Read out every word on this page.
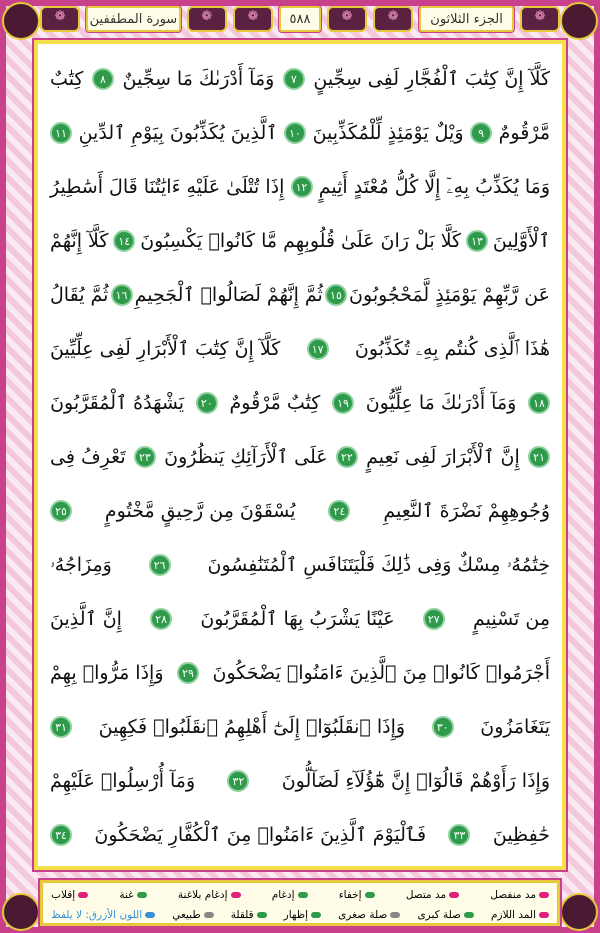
❁
الجزء الثلاثون
❁
❁
٥٨٨
❁
❁
سورة المطففين
❁
كَلَّآ إِنَّ كِتَٰبَ ٱلْفُجَّارِ لَفِى سِجِّينٍ
٧
وَمَآ أَدْرَىٰكَ مَا سِجِّينٌ
٨
كِتَٰبٌ
مَّرْقُومٌ
٩
وَيْلٌ يَوْمَئِذٍ لِّلْمُكَذِّبِينَ
١٠
ٱلَّذِينَ يُكَذِّبُونَ بِيَوْمِ ٱلدِّينِ
١١
وَمَا يُكَذِّبُ بِهِۦٓ إِلَّا كُلُّ مُعْتَدٍ أَثِيمٍ
١٢
إِذَا تُتْلَىٰ عَلَيْهِ ءَايَٰتُنَا قَالَ أَسَٰطِيرُ
ٱلْأَوَّلِينَ
١٣
كَلَّا بَلْ رَانَ عَلَىٰ قُلُوبِهِم مَّا كَانُوا۟ يَكْسِبُونَ
١٤
كَلَّآ إِنَّهُمْ
عَن رَّبِّهِمْ يَوْمَئِذٍ لَّمَحْجُوبُونَ
١٥
ثُمَّ إِنَّهُمْ لَصَالُوا۟ ٱلْجَحِيمِ
١٦
ثُمَّ يُقَالُ
هَٰذَا ٱلَّذِى كُنتُم بِهِۦ تُكَذِّبُونَ
١٧
كَلَّآ إِنَّ كِتَٰبَ ٱلْأَبْرَارِ لَفِى عِلِّيِّينَ
١٨
وَمَآ أَدْرَىٰكَ مَا عِلِّيُّونَ
١٩
كِتَٰبٌ مَّرْقُومٌ
٢٠
يَشْهَدُهُ ٱلْمُقَرَّبُونَ
٢١
إِنَّ ٱلْأَبْرَارَ لَفِى نَعِيمٍ
٢٢
عَلَى ٱلْأَرَآئِكِ يَنظُرُونَ
٢٣
تَعْرِفُ فِى
وُجُوهِهِمْ نَضْرَةَ ٱلنَّعِيمِ
٢٤
يُسْقَوْنَ مِن رَّحِيقٍ مَّخْتُومٍ
٢٥
خِتَٰمُهُۥ مِسْكٌ وَفِى ذَٰلِكَ فَلْيَتَنَافَسِ ٱلْمُتَنَٰفِسُونَ
٢٦
وَمِزَاجُهُۥ
مِن تَسْنِيمٍ
٢٧
عَيْنًا يَشْرَبُ بِهَا ٱلْمُقَرَّبُونَ
٢٨
إِنَّ ٱلَّذِينَ
أَجْرَمُوا۟ كَانُوا۟ مِنَ ٱلَّذِينَ ءَامَنُوا۟ يَضْحَكُونَ
٢٩
وَإِذَا مَرُّوا۟ بِهِمْ
يَتَغَامَزُونَ
٣٠
وَإِذَا ٱنقَلَبُوٓا۟ إِلَىٰٓ أَهْلِهِمُ ٱنقَلَبُوا۟ فَكِهِينَ
٣١
وَإِذَا رَأَوْهُمْ قَالُوٓا۟ إِنَّ هَٰٓؤُلَآءِ لَضَآلُّونَ
٣٢
وَمَآ أُرْسِلُوا۟ عَلَيْهِمْ
حَٰفِظِينَ
٣٣
فَٱلْيَوْمَ ٱلَّذِينَ ءَامَنُوا۟ مِنَ ٱلْكُفَّارِ يَضْحَكُونَ
٣٤
مد منفصل
مد متصل
إخفاء
إدغام
إدغام بلاغنة
غنة
إقلاب
المد اللازم
صلة كبرى
صلة صغرى
إظهار
قلقلة
طبيعي
اللون الأزرق: لا يلفظ
